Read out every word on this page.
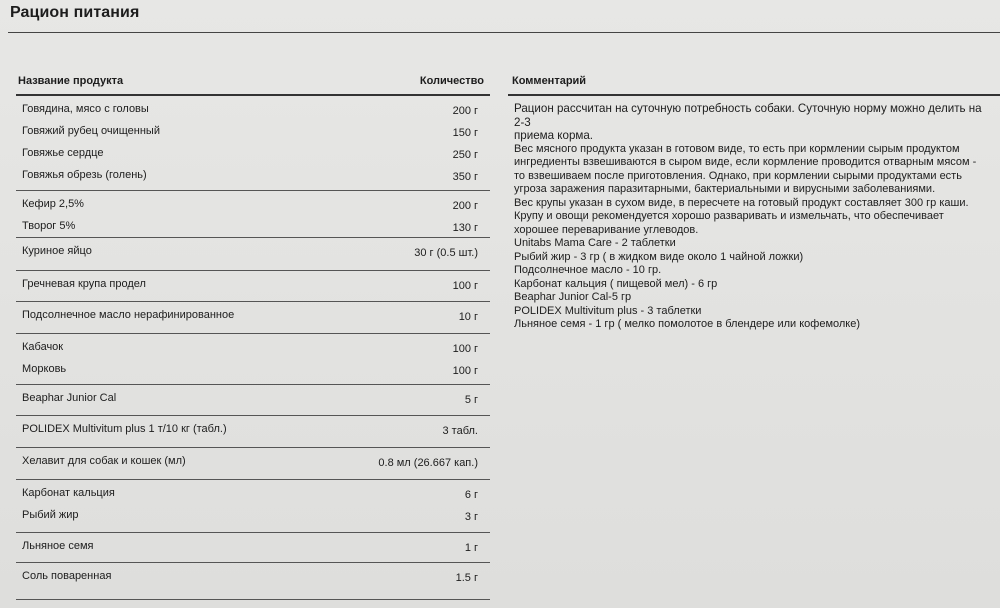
Рацион питания
Название продукта	Количество
Говядина, мясо с головы	200 г
Говяжий рубец очищенный	150 г
Говяжье сердце	250 г
Говяжья обрезь (голень)	350 г
Кефир 2,5%	200 г
Творог 5%	130 г
Куриное яйцо	30 г (0.5 шт.)
Гречневая крупа продел	100 г
Подсолнечное масло нерафинированное	10 г
Кабачок	100 г
Морковь	100 г
Beaphar Junior Cal	5 г
POLIDEX Multivitum plus 1 т/10 кг (табл.)	3 табл.
Хелавит для собак и кошек (мл)	0.8 мл (26.667 кап.)
Карбонат кальция	6 г
Рыбий жир	3 г
Льняное семя	1 г
Соль поваренная	1.5 г
Комментарий
Рацион рассчитан на суточную потребность собаки. Суточную норму можно делить на 2-3
приема корма.
Вес мясного продукта указан в готовом виде, то есть при кормлении сырым продуктом
ингредиенты взвешиваются в сыром виде, если кормление проводится отварным мясом -
то взвешиваем после приготовления. Однако, при кормлении сырыми продуктами есть
угроза заражения паразитарными, бактериальными и вирусными заболеваниями.
Вес крупы указан в сухом виде, в пересчете на готовый продукт составляет 300 гр каши.
Крупу и овощи рекомендуется хорошо разваривать и измельчать, что обеспечивает
хорошее переваривание углеводов.
Unitabs Mama Care - 2 таблетки
Рыбий жир - 3 гр ( в жидком виде около 1 чайной ложки)
Подсолнечное масло - 10 гр.
Карбонат кальция ( пищевой мел) - 6 гр
Beaphar Junior Cal-5 гр
POLIDEX Multivitum plus - 3 таблетки
Льняное семя - 1 гр ( мелко помолотое в блендере или кофемолке)
